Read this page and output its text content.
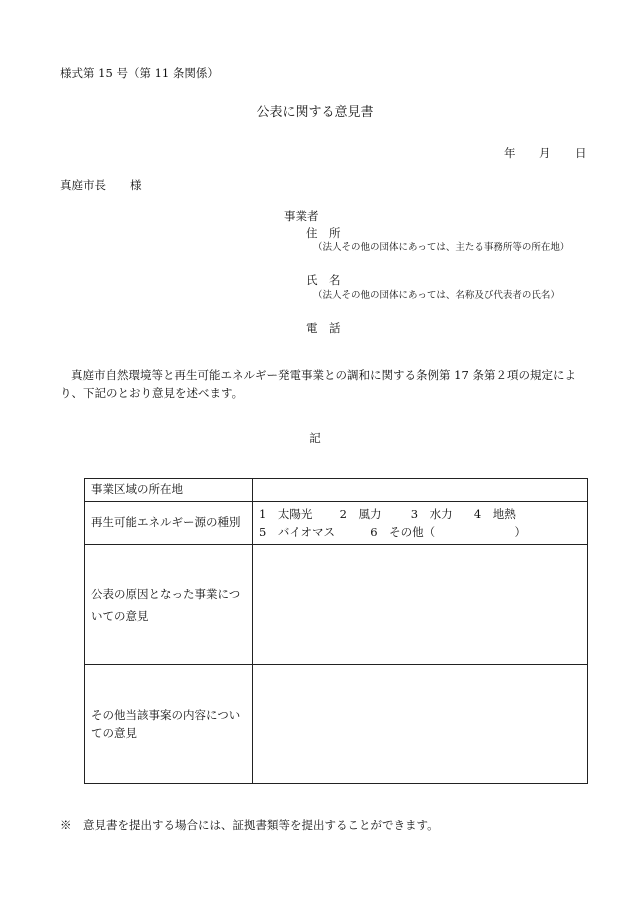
様式第 15 号（第 11 条関係）
公表に関する意見書
年 月 日
真庭市長 様
事業者
住　所
（法人その他の団体にあっては、主たる事務所等の所在地）
氏　名
（法人その他の団体にあっては、名称及び代表者の氏名）
電　話
真庭市自然環境等と再生可能エネルギー発電事業との調和に関する条例第 17 条第２項の規定により、下記のとおり意見を述べます。
記
事業区域の所在地	
再生可能エネルギー源の種別	1　太陽光 2　風力 3　水力 4　地熱
5　バイオマス 6　その他（ ）

公表の原因となった事業についての意見	
その他当該事案の内容についての意見	
※　意見書を提出する場合には、証拠書類等を提出することができます。
